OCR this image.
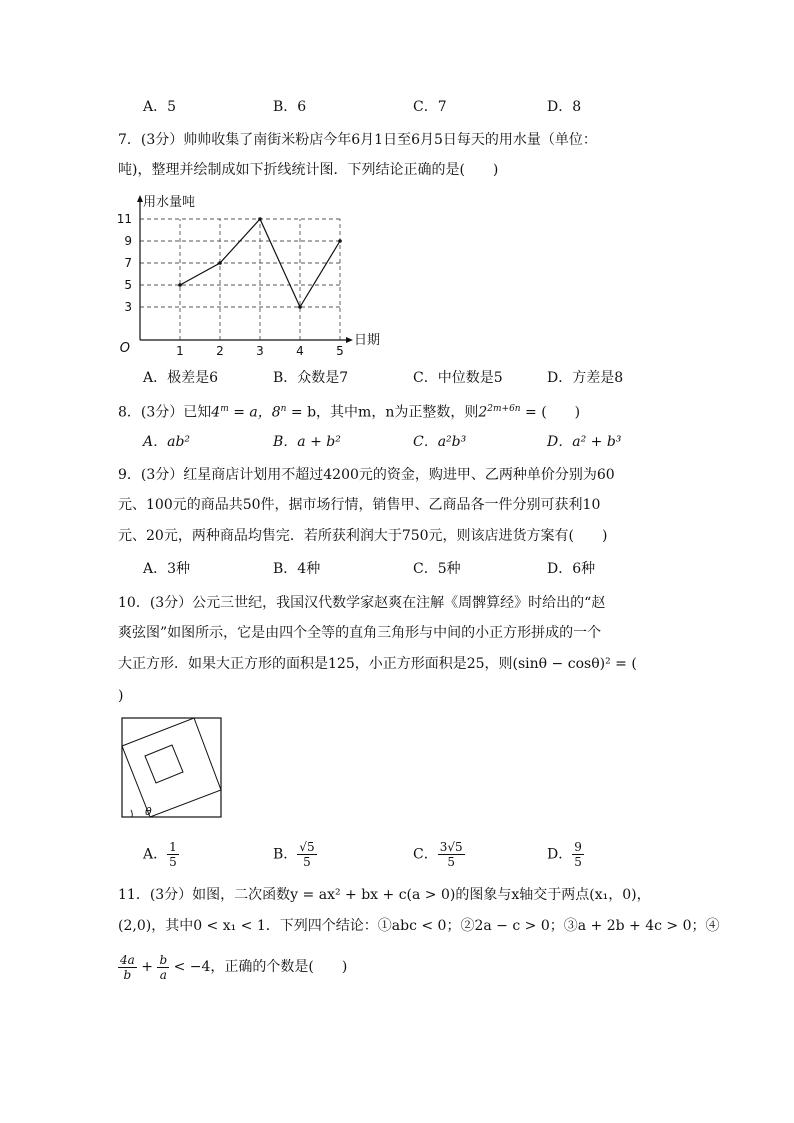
A．5	B．6	C．7	D．8
7．(3分）帅帅收集了南街米粉店今年6月1日至6月5日每天的用水量（单位：
吨)，整理并绘制成如下折线统计图．下列结论正确的是(　　)
3
5
7
9
11
1	2	3	4	5
O
用水量吨
日期
A．极差是6	B．众数是7	C．中位数是5	D．方差是8
8．(3分）已知$4^m = a$，$8^n = b$，其中m，n为正整数，则$2^{2m+6n}$ = (　　)
A．ab²	B．a + b²	C．a²b³	D．a² + b³
9．(3分）红星商店计划用不超过4200元的资金，购进甲、乙两种单价分别为60
元、100元的商品共50件，据市场行情，销售甲、乙商品各一件分别可获利10
元、20元，两种商品均售完．若所获利润大于750元，则该店进货方案有(　　)
A．3种	B．4种	C．5种	D．6种
10．(3分）公元三世纪，我国汉代数学家赵爽在注解《周髀算经》时给出的“赵
爽弦图”如图所示，它是由四个全等的直角三角形与中间的小正方形拼成的一个
大正方形．如果大正方形的面积是125，小正方形面积是25，则(sinθ − cosθ)² = (
)
θ
A． $\frac{1}{5}$	B． $\frac{√5}{5}$	C． $\frac{3√5}{5}$	D． $\frac{9}{5}$
11．(3分）如图，二次函数y = ax² + bx + c(a > 0)的图象与x轴交于两点(x₁，0)，
(2,0)，其中0 < x₁ < 1．下列四个结论：①abc < 0；②2a − c > 0；③a + 2b + 4c > 0；④
$\frac{4a}{b} + \frac{b}{a} < -4$，正确的个数是(　　)
